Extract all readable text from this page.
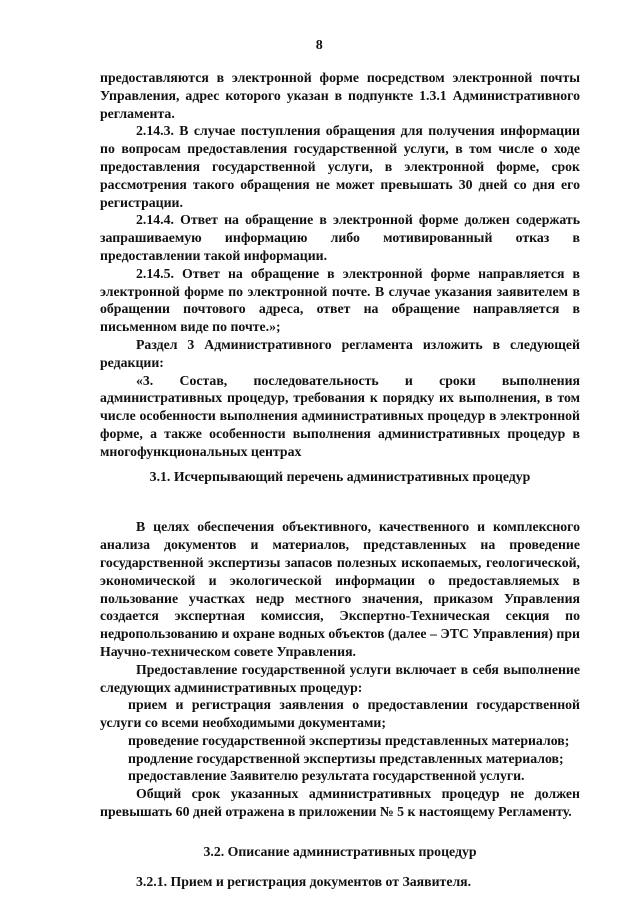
8

предоставляются в электронной форме посредством электронной почты Управления, адрес которого указан в подпункте 1.3.1 Административного регламента.

2.14.3. В случае поступления обращения для получения информации по вопросам предоставления государственной услуги, в том числе о ходе предоставления государственной услуги, в электронной форме, срок рассмотрения такого обращения не может превышать 30 дней со дня его регистрации.

2.14.4. Ответ на обращение в электронной форме должен содержать запрашиваемую информацию либо мотивированный отказ в предоставлении такой информации.

2.14.5. Ответ на обращение в электронной форме направляется в электронной форме по электронной почте. В случае указания заявителем в обращении почтового адреса, ответ на обращение направляется в письменном виде по почте.»;

Раздел 3 Административного регламента изложить в следующей редакции:

«3. Состав, последовательность и сроки выполнения административных процедур, требования к порядку их выполнения, в том числе особенности выполнения административных процедур в электронной форме, а также особенности выполнения административных процедур в многофункциональных центрах

3.1. Исчерпывающий перечень административных процедур

В целях обеспечения объективного, качественного и комплексного анализа документов и материалов, представленных на проведение государственной экспертизы запасов полезных ископаемых, геологической, экономической и экологической информации о предоставляемых в пользование участках недр местного значения, приказом Управления создается экспертная комиссия, Экспертно-Техническая секция по недропользованию и охране водных объектов (далее – ЭТС Управления) при Научно-техническом совете Управления.

Предоставление государственной услуги включает в себя выполнение следующих административных процедур:

прием и регистрация заявления о предоставлении государственной услуги со всеми необходимыми документами;

проведение государственной экспертизы представленных материалов;

продление государственной экспертизы представленных материалов;

предоставление Заявителю результата государственной услуги.

Общий срок указанных административных процедур не должен превышать 60 дней отражена в приложении № 5 к настоящему Регламенту.

3.2. Описание административных процедур

3.2.1. Прием и регистрация документов от Заявителя.
